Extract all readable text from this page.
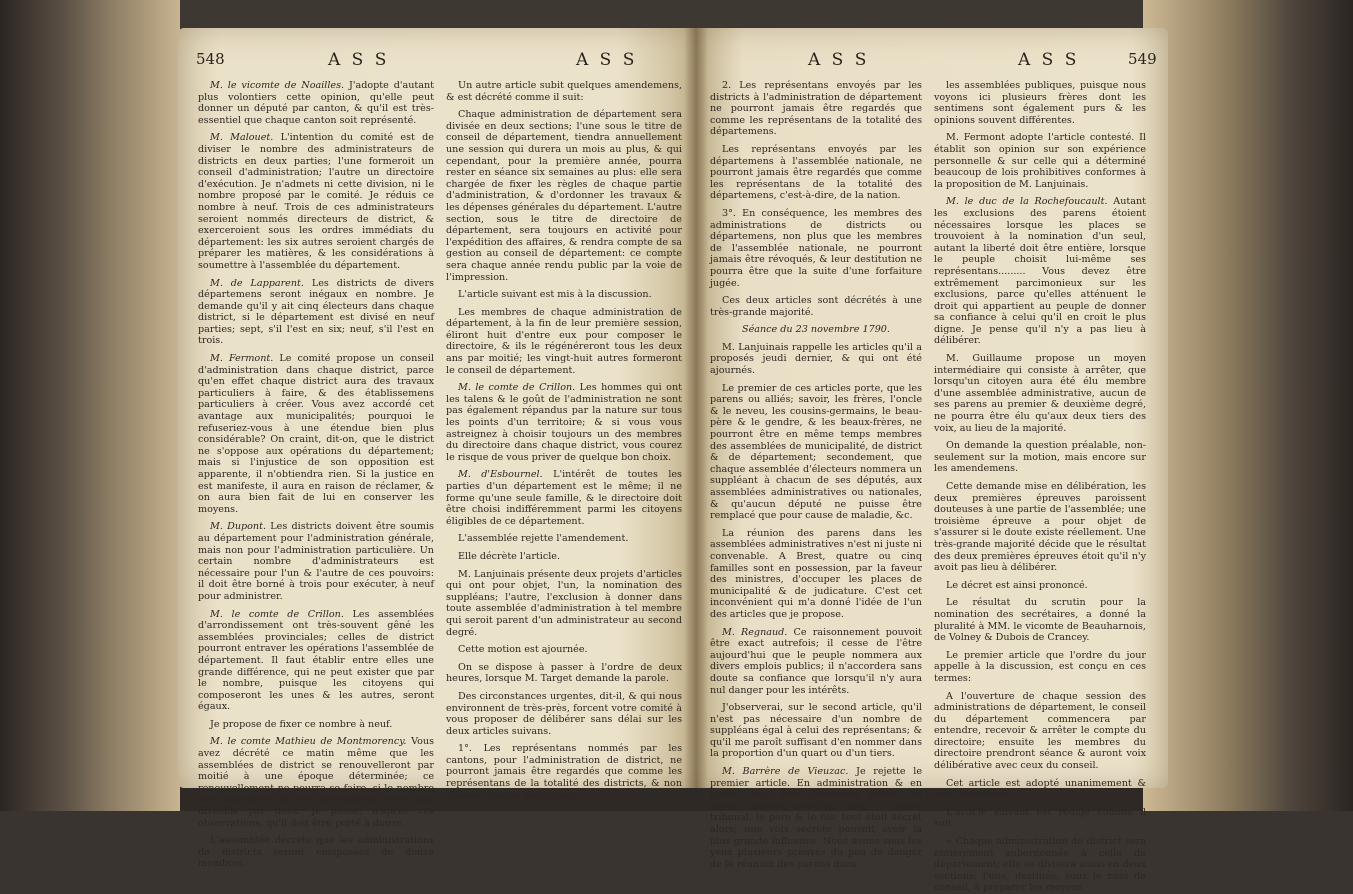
548	A S S	A S S

M. le vicomte de Noailles. J'adopte d'autant plus volontiers cette opinion, qu'elle peut donner un député par canton, & qu'il est très-essentiel que chaque canton soit représenté.

M. Malouet. L'intention du comité est de diviser le nombre des administrateurs de districts en deux parties; l'une formeroit un conseil d'administration; l'autre un directoire d'exécution. Je n'admets ni cette division, ni le nombre proposé par le comité. Je réduis ce nombre à neuf. Trois de ces administrateurs seroient nommés directeurs de district, & exerceroient sous les ordres immédiats du département: les six autres seroient chargés de préparer les matières, & les considérations à soumettre à l'assemblée du département.

M. de Lapparent. Les districts de divers départemens seront inégaux en nombre. Je demande qu'il y ait cinq électeurs dans chaque district, si le département est divisé en neuf parties; sept, s'il l'est en six; neuf, s'il l'est en trois.

M. Fermont. Le comité propose un conseil d'administration dans chaque district, parce qu'en effet chaque district aura des travaux particuliers à faire, & des établissemens particuliers à créer. Vous avez accordé cet avantage aux municipalités; pourquoi le refuseriez-vous à une étendue bien plus considérable? On craint, dit-on, que le district ne s'oppose aux opérations du département; mais si l'injustice de son opposition est apparente, il n'obtiendra rien. Si la justice en est manifeste, il aura en raison de réclamer, & on aura bien fait de lui en conserver les moyens.

M. Dupont. Les districts doivent être soumis au département pour l'administration générale, mais non pour l'administration particulière. Un certain nombre d'administrateurs est nécessaire pour l'un & l'autre de ces pouvoirs: il doit être borné à trois pour exécuter, à neuf pour administrer.

M. le comte de Crillon. Les assemblées d'arrondissement ont très-souvent gêné les assemblées provinciales; celles de district pourront entraver les opérations l'assemblée de département. Il faut établir entre elles une grande différence, qui ne peut exister que par le nombre, puisque les citoyens qui composeront les unes & les autres, seront égaux.

Je propose de fixer ce nombre à neuf.

M. le comte Mathieu de Montmorency. Vous avez décrété ce matin même que les assemblées de district se renouvelleront par moitié à une époque déterminée; ce renouvellement ne pourra se faire, si le nombre des membres de ces assemblées n'est pas divisible par deux. Je pense, d'après ces observations, qu'il doit être porté à douze.

L'assemblée décrète que les administrations de districts seront composées de douze membres.

Un autre article subit quelques amendemens, & est décrété comme il suit:

Chaque administration de département sera divisée en deux sections; l'une sous le titre de conseil de département, tiendra annuellement une session qui durera un mois au plus, & qui cependant, pour la première année, pourra rester en séance six semaines au plus: elle sera chargée de fixer les règles de chaque partie d'administration, & d'ordonner les travaux & les dépenses générales du département. L'autre section, sous le titre de directoire de département, sera toujours en activité pour l'expédition des affaires, & rendra compte de sa gestion au conseil de département: ce compte sera chaque année rendu public par la voie de l'impression.

L'article suivant est mis à la discussion.

Les membres de chaque administration de département, à la fin de leur première session, éliront huit d'entre eux pour composer le directoire, & ils le régénéreront tous les deux ans par moitié; les vingt-huit autres formeront le conseil de département.

M. le comte de Crillon. Les hommes qui ont les talens & le goût de l'administration ne sont pas également répandus par la nature sur tous les points d'un territoire; & si vous vous astreignez à choisir toujours un des membres du directoire dans chaque district, vous courez le risque de vous priver de quelque bon choix.

M. d'Esbournel. L'intérêt de toutes les parties d'un département est le même; il ne forme qu'une seule famille, & le directoire doit être choisi indifféremment parmi les citoyens éligibles de ce département.

L'assemblée rejette l'amendement.

Elle décrète l'article.

M. Lanjuinais présente deux projets d'articles qui ont pour objet, l'un, la nomination des suppléans; l'autre, l'exclusion à donner dans toute assemblée d'administration à tel membre qui seroit parent d'un administrateur au second degré.

Cette motion est ajournée.

On se dispose à passer à l'ordre de deux heures, lorsque M. Target demande la parole.

Des circonstances urgentes, dit-il, & qui nous environnent de très-près, forcent votre comité à vous proposer de délibérer sans délai sur les deux articles suivans.

1°. Les représentans nommés par les cantons, pour l'administration de district, ne pourront jamais être regardés que comme les représentans de la totalité des districts, & non d'aucun canton particulier.

A S S	A S S	549

2. Les représentans envoyés par les districts à l'administration de département ne pourront jamais être regardés que comme les représentans de la totalité des départemens.

Les représentans envoyés par les départemens à l'assemblée nationale, ne pourront jamais être regardés que comme les représentans de la totalité des départemens, c'est-à-dire, de la nation.

3°. En conséquence, les membres des administrations de districts ou départemens, non plus que les membres de l'assemblée nationale, ne pourront jamais être révoqués, & leur destitution ne pourra être que la suite d'une forfaiture jugée.

Ces deux articles sont décrétés à une très-grande majorité.

Séance du 23 novembre 1790.

M. Lanjuinais rappelle les articles qu'il a proposés jeudi dernier, & qui ont été ajournés.

Le premier de ces articles porte, que les parens ou alliés; savoir, les frères, l'oncle & le neveu, les cousins-germains, le beau-père & le gendre, & les beaux-frères, ne pourront être en même temps membres des assemblées de municipalité, de district & de département; secondement, que chaque assemblée d'électeurs nommera un suppléant à chacun de ses députés, aux assemblées administratives ou nationales, & qu'aucun député ne puisse être remplacé que pour cause de maladie, &c.

La réunion des parens dans les assemblées administratives n'est ni juste ni convenable. A Brest, quatre ou cinq familles sont en possession, par la faveur des ministres, d'occuper les places de municipalité & de judicature. C'est cet inconvénient qui m'a donné l'idée de l'un des articles que je propose.

M. Regnaud. Ce raisonnement pouvoit être exact autrefois; il cesse de l'être aujourd'hui que le peuple nommera aux divers emplois publics; il n'accordera sans doute sa confiance que lorsqu'il n'y aura nul danger pour les intérêts.

J'observerai, sur le second article, qu'il n'est pas nécessaire d'un nombre de suppléans égal à celui des représentans; & qu'il me paroît suffisant d'en nommer dans la proportion d'un quart ou d'un tiers.

M. Barrère de Vieuzac. Je rejette le premier article. En administration & en justice tout sera désormais public: on voyoit souvent autrefois dans le même tribunal, le père & le fils; tout étoit secret alors; une voix secrète pouvoit avoir la plus grande influence. Nous avons sous les yeux plusieurs preuves du peu de danger de la réunion des parens dans

les assemblées publiques, puisque nous voyons ici plusieurs frères dont les sentimens sont également purs & les opinions souvent différentes.

M. Fermont adopte l'article contesté. Il établit son opinion sur son expérience personnelle & sur celle qui a déterminé beaucoup de lois prohibitives conformes à la proposition de M. Lanjuinais.

M. le duc de la Rochefoucault. Autant les exclusions des parens étoient nécessaires lorsque les places se trouvoient à la nomination d'un seul, autant la liberté doit être entière, lorsque le peuple choisit lui-même ses représentans......... Vous devez être extrêmement parcimonieux sur les exclusions, parce qu'elles atténuent le droit qui appartient au peuple de donner sa confiance à celui qu'il en croit le plus digne. Je pense qu'il n'y a pas lieu à délibérer.

M. Guillaume propose un moyen intermédiaire qui consiste à arrêter, que lorsqu'un citoyen aura été élu membre d'une assemblée administrative, aucun de ses parens au premier & deuxième degré, ne pourra être élu qu'aux deux tiers des voix, au lieu de la majorité.

On demande la question préalable, non-seulement sur la motion, mais encore sur les amendemens.

Cette demande mise en délibération, les deux premières épreuves paroissent douteuses à une partie de l'assemblée; une troisième épreuve a pour objet de s'assurer si le doute existe réellement. Une très-grande majorité décide que le résultat des deux premières épreuves étoit qu'il n'y avoit pas lieu à délibérer.

Le décret est ainsi prononcé.

Le résultat du scrutin pour la nomination des secrétaires, a donné la pluralité à MM. le vicomte de Beauharnois, de Volney & Dubois de Crancey.

Le premier article que l'ordre du jour appelle à la discussion, est conçu en ces termes:

A l'ouverture de chaque session des administrations de département, le conseil du département commencera par entendre, recevoir & arrêter le compte du directoire; ensuite les membres du directoire prendront séance & auront voix délibérative avec ceux du conseil.

Cet article est adopté unanimement & sans discussion.

L'article suivant est rédigé comme il suit:

« Chaque administration de district sera entièrement subordonnée à celle de département; elle se divisera aussi en deux sections; l'une, destinée, sous le nom de conseil, à préparer les moyens
